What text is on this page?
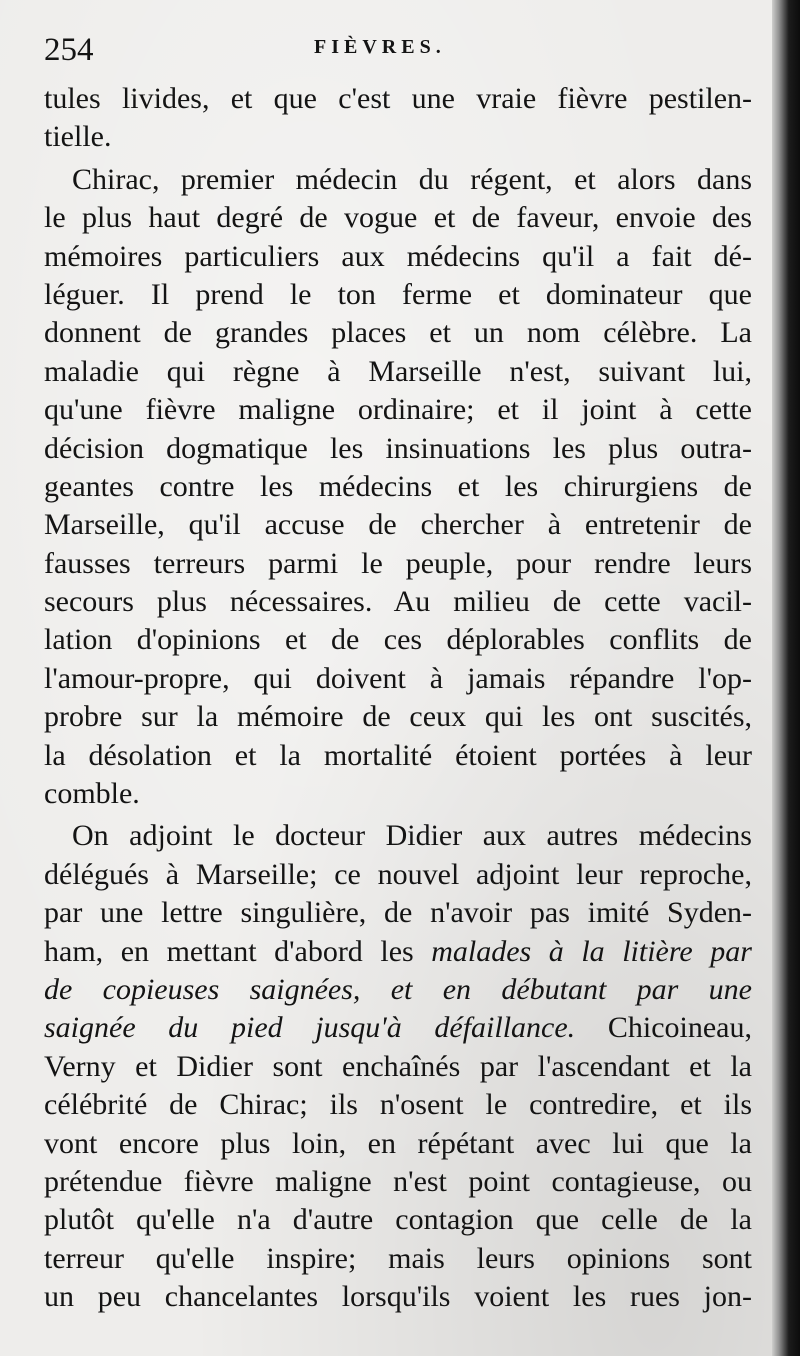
254	FIÈVRES.
tules livides, et que c'est une vraie fièvre pestilen-
tielle.
Chirac, premier médecin du régent, et alors dans
le plus haut degré de vogue et de faveur, envoie des
mémoires particuliers aux médecins qu'il a fait dé-
léguer. Il prend le ton ferme et dominateur que
donnent de grandes places et un nom célèbre. La
maladie qui règne à Marseille n'est, suivant lui,
qu'une fièvre maligne ordinaire; et il joint à cette
décision dogmatique les insinuations les plus outra-
geantes contre les médecins et les chirurgiens de
Marseille, qu'il accuse de chercher à entretenir de
fausses terreurs parmi le peuple, pour rendre leurs
secours plus nécessaires. Au milieu de cette vacil-
lation d'opinions et de ces déplorables conflits de
l'amour-propre, qui doivent à jamais répandre l'op-
probre sur la mémoire de ceux qui les ont suscités,
la désolation et la mortalité étoient portées à leur
comble.
On adjoint le docteur Didier aux autres médecins
délégués à Marseille; ce nouvel adjoint leur reproche,
par une lettre singulière, de n'avoir pas imité Syden-
ham, en mettant d'abord les malades à la litière par
de copieuses saignées, et en débutant par une
saignée du pied jusqu'à défaillance. Chicoineau,
Verny et Didier sont enchaînés par l'ascendant et la
célébrité de Chirac; ils n'osent le contredire, et ils
vont encore plus loin, en répétant avec lui que la
prétendue fièvre maligne n'est point contagieuse, ou
plutôt qu'elle n'a d'autre contagion que celle de la
terreur qu'elle inspire; mais leurs opinions sont
un peu chancelantes lorsqu'ils voient les rues jon-
